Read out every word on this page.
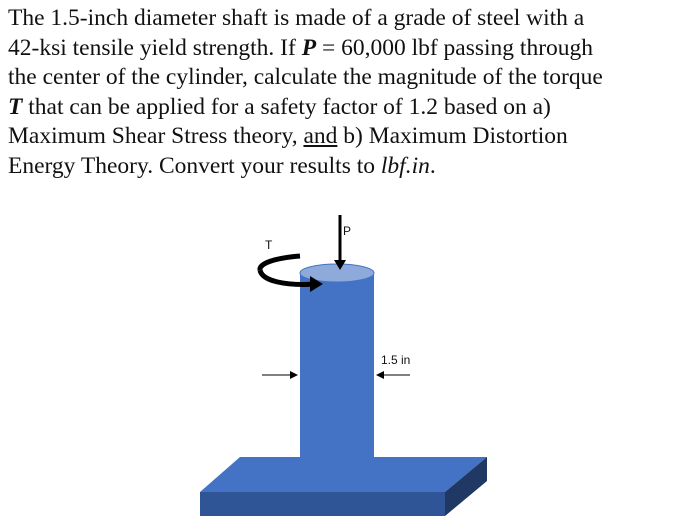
The 1.5-inch diameter shaft is made of a grade of steel with a
42-ksi tensile yield strength. If P = 60,000 lbf passing through
the center of the cylinder, calculate the magnitude of the torque
T that can be applied for a safety factor of 1.2 based on a)
Maximum Shear Stress theory, and b) Maximum Distortion
Energy Theory. Convert your results to lbf.in.
P
T
1.5 in
